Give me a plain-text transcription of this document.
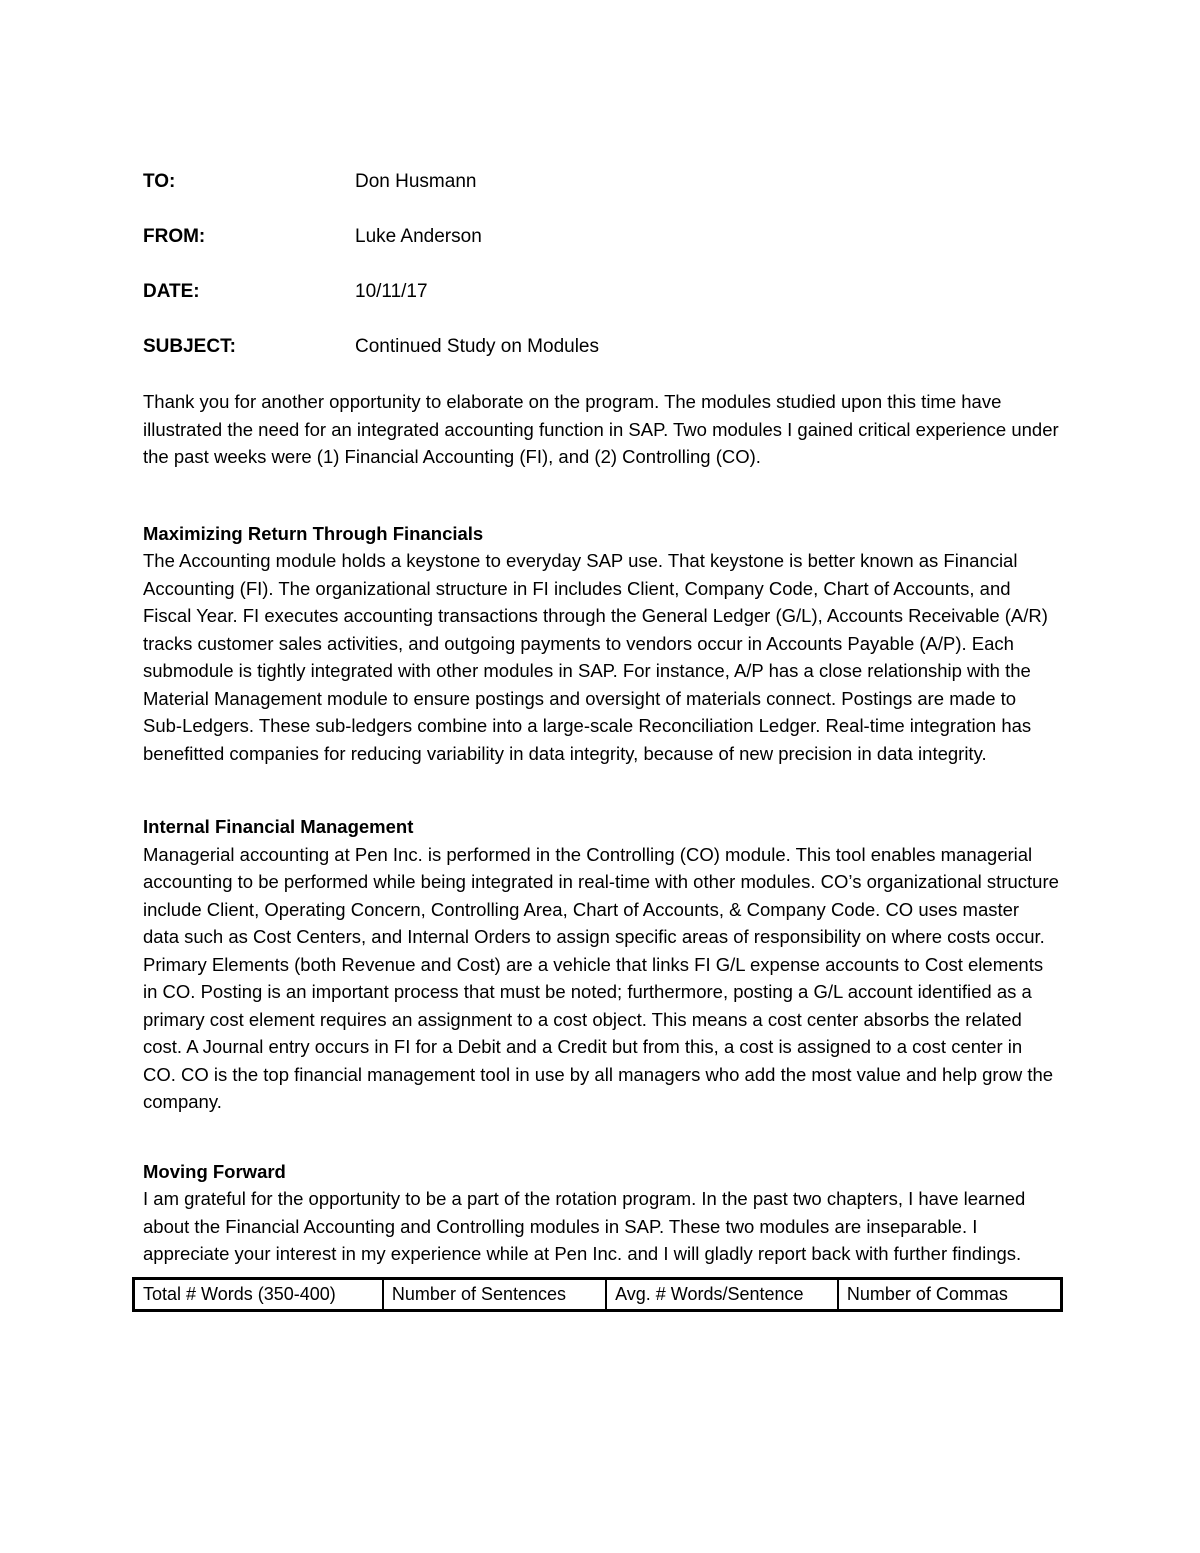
TO:	Don Husmann
FROM:	Luke Anderson
DATE:	10/11/17
SUBJECT:	Continued Study on Modules

Thank you for another opportunity to elaborate on the program. The modules studied upon this time have illustrated the need for an integrated accounting function in SAP. Two modules I gained critical experience under the past weeks were (1) Financial Accounting (FI), and (2) Controlling (CO).

Maximizing Return Through Financials

The Accounting module holds a keystone to everyday SAP use. That keystone is better known as Financial Accounting (FI). The organizational structure in FI includes Client, Company Code, Chart of Accounts, and Fiscal Year. FI executes accounting transactions through the General Ledger (G/L), Accounts Receivable (A/R) tracks customer sales activities, and outgoing payments to vendors occur in Accounts Payable (A/P). Each submodule is tightly integrated with other modules in SAP. For instance, A/P has a close relationship with the Material Management module to ensure postings and oversight of materials connect. Postings are made to Sub-Ledgers. These sub-ledgers combine into a large-scale Reconciliation Ledger. Real-time integration has benefitted companies for reducing variability in data integrity, because of new precision in data integrity.

Internal Financial Management

Managerial accounting at Pen Inc. is performed in the Controlling (CO) module. This tool enables managerial accounting to be performed while being integrated in real-time with other modules. CO’s organizational structure include Client, Operating Concern, Controlling Area, Chart of Accounts, & Company Code. CO uses master data such as Cost Centers, and Internal Orders to assign specific areas of responsibility on where costs occur. Primary Elements (both Revenue and Cost) are a vehicle that links FI G/L expense accounts to Cost elements in CO. Posting is an important process that must be noted; furthermore, posting a G/L account identified as a primary cost element requires an assignment to a cost object. This means a cost center absorbs the related cost. A Journal entry occurs in FI for a Debit and a Credit but from this, a cost is assigned to a cost center in CO. CO is the top financial management tool in use by all managers who add the most value and help grow the company.

Moving Forward

I am grateful for the opportunity to be a part of the rotation program. In the past two chapters, I have learned about the Financial Accounting and Controlling modules in SAP. These two modules are inseparable. I appreciate your interest in my experience while at Pen Inc. and I will gladly report back with further findings.

Total # Words (350-400)	Number of Sentences	Avg. # Words/Sentence	Number of Commas
